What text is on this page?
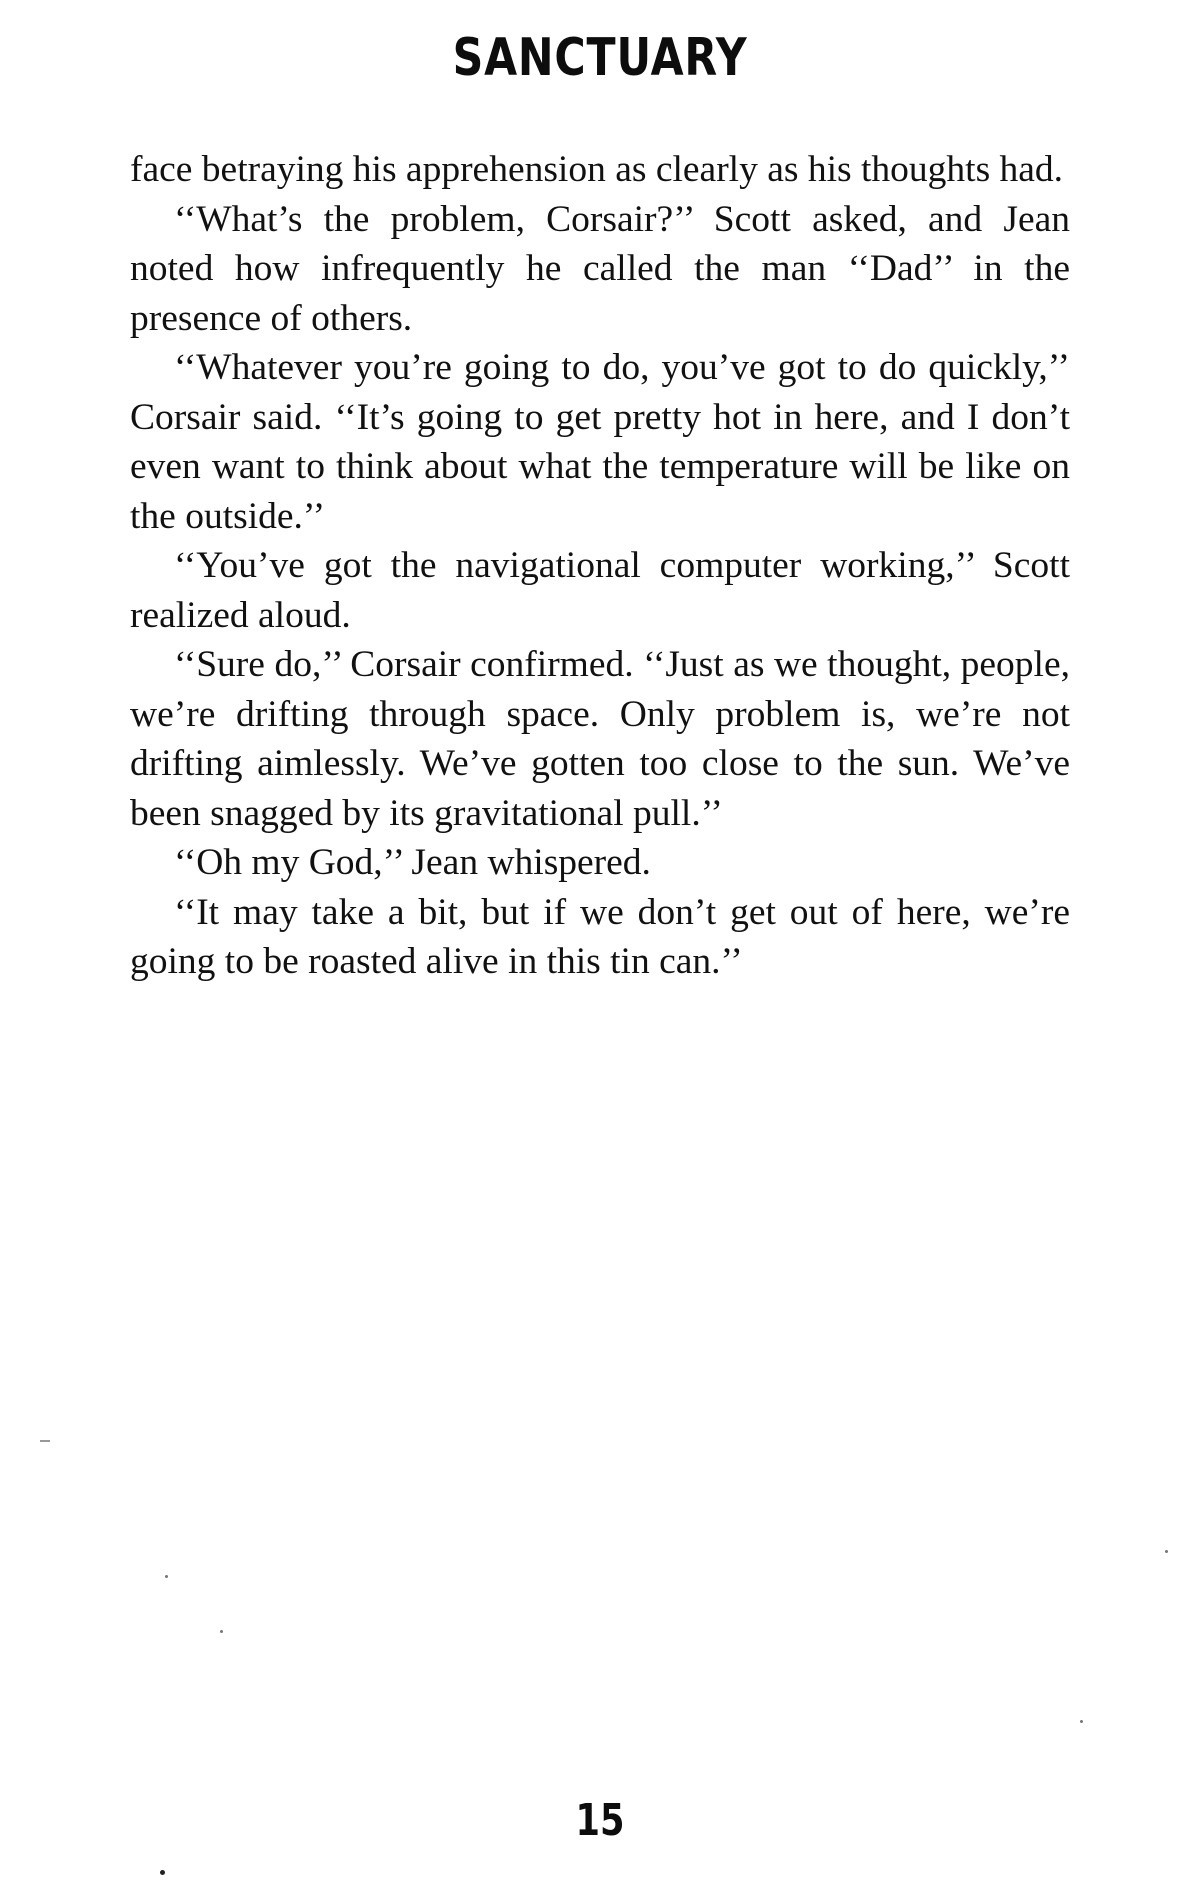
SANCTUARY

face betraying his apprehension as clearly as his thoughts had.

‘‘What’s the problem, Corsair?’’ Scott asked, and Jean noted how infrequently he called the man ‘‘Dad’’ in the presence of others.

‘‘Whatever you’re going to do, you’ve got to do quickly,’’ Corsair said. ‘‘It’s going to get pretty hot in here, and I don’t even want to think about what the temperature will be like on the outside.’’

‘‘You’ve got the navigational computer working,’’ Scott realized aloud.

‘‘Sure do,’’ Corsair confirmed. ‘‘Just as we thought, people, we’re drifting through space. Only problem is, we’re not drifting aimlessly. We’ve gotten too close to the sun. We’ve been snagged by its gravitational pull.’’

‘‘Oh my God,’’ Jean whispered.

‘‘It may take a bit, but if we don’t get out of here, we’re going to be roasted alive in this tin can.’’

15
